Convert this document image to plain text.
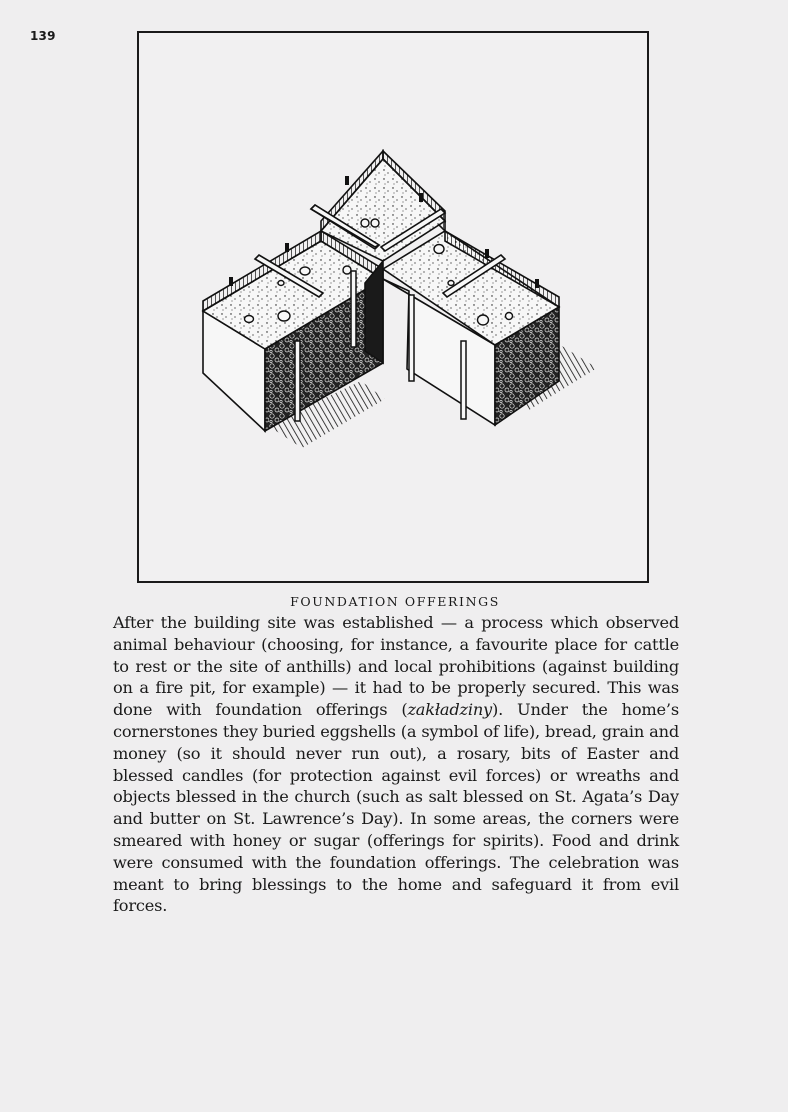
139
FOUNDATION OFFERINGS
After the building site was established — a process which observed animal behaviour (choosing, for instance, a favourite place for cattle to rest or the site of anthills) and local prohibitions (against building on a fire pit, for example) — it had to be properly secured. This was done with foundation offerings (zakładziny). Under the home’s cornerstones they buried eggshells (a symbol of life), bread, grain and money (so it should never run out), a rosary, bits of Easter and blessed candles (for protection against evil forces) or wreaths and objects blessed in the church (such as salt blessed on St. Agata’s Day and butter on St. Lawrence’s Day). In some areas, the corners were smeared with honey or sugar (offerings for spirits). Food and drink were consumed with the foundation offerings. The celebration was meant to bring blessings to the home and safeguard it from evil forces.
